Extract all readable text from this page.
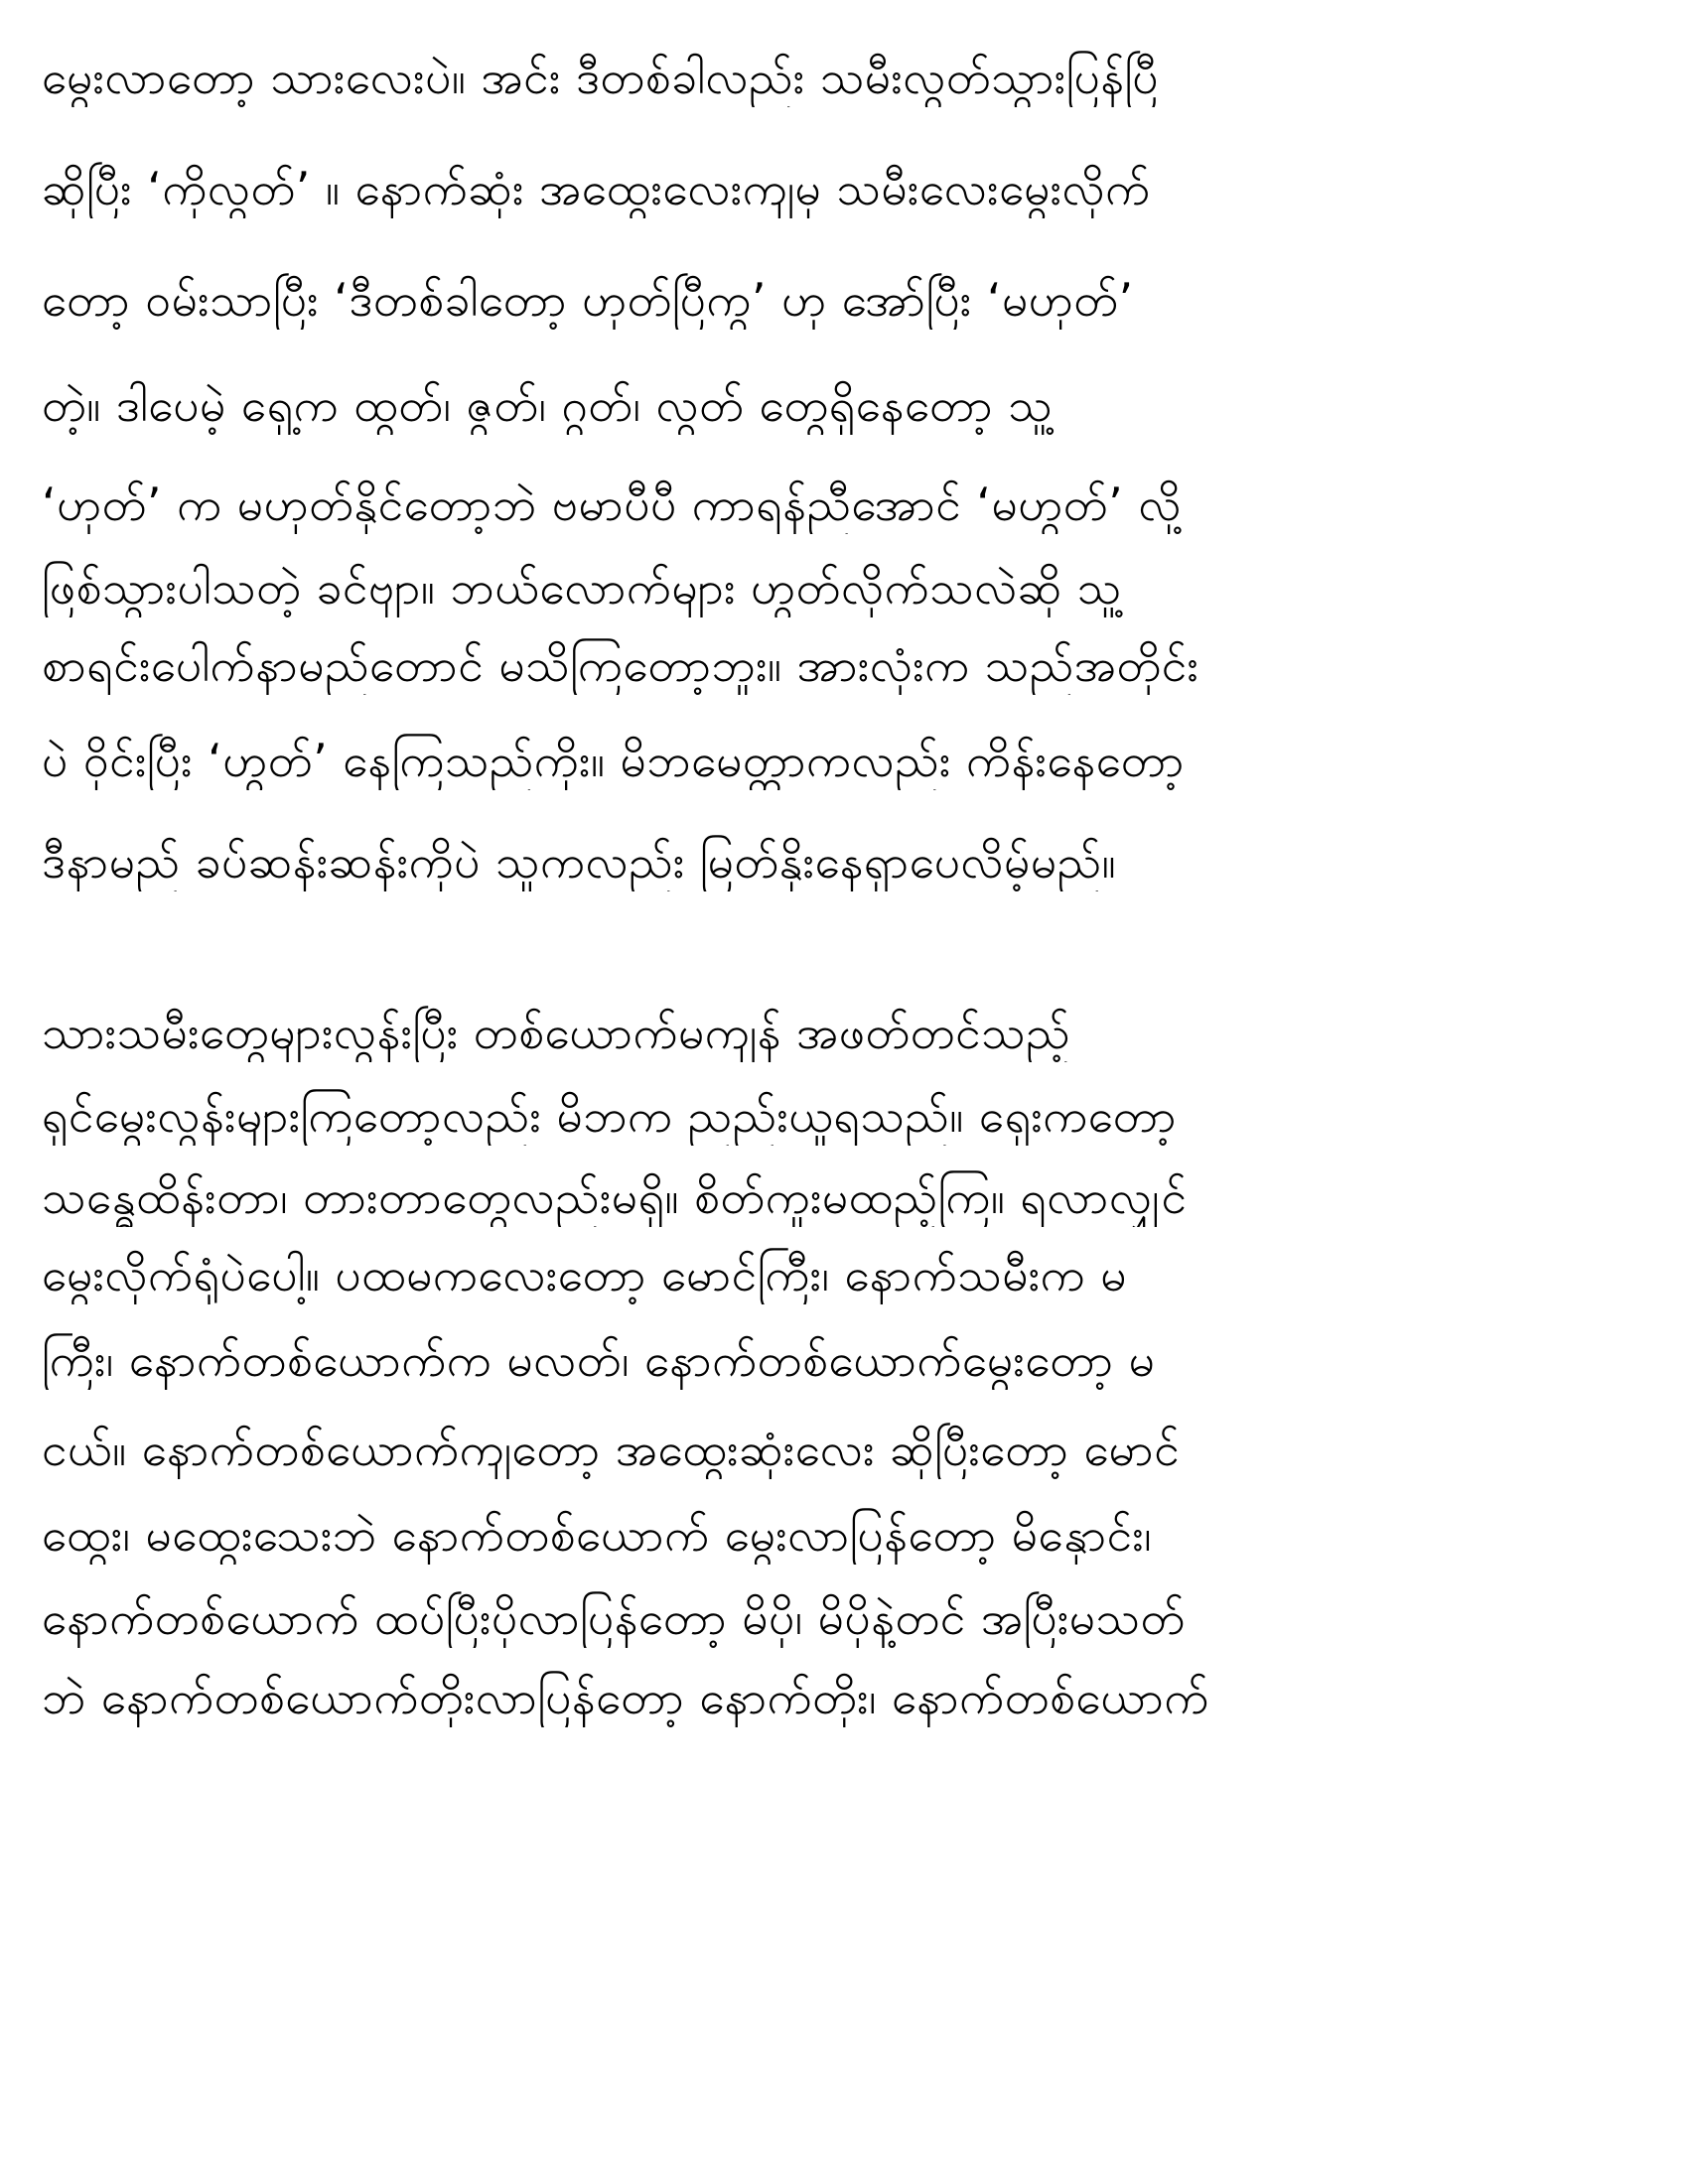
မွေးလာတော့ သားလေးပဲ။ အင်း ဒီတစ်ခါလည်း သမီးလွတ်သွားပြန်ပြီ
ဆိုပြီး ‘ကိုလွတ်’ ။ နောက်ဆုံး အထွေးလေးကျမှ သမီးလေးမွေးလိုက်
တော့ ဝမ်းသာပြီး ‘ဒီတစ်ခါတော့ ဟုတ်ပြီကွ’ ဟု အော်ပြီး ‘မဟုတ်’
တဲ့။ ဒါပေမဲ့ ရှေ့က ထွတ်၊ ဇွတ်၊ ဂွတ်၊ လွတ် တွေရှိနေတော့ သူ့
‘ဟုတ်’ က မဟုတ်နိုင်တော့ဘဲ ဗမာပီပီ ကာရန်ညီအောင် ‘မဟွတ်’ လို့
ဖြစ်သွားပါသတဲ့ ခင်ဗျာ။ ဘယ်လောက်များ ဟွတ်လိုက်သလဲဆို သူ့
စာရင်းပေါက်နာမည်တောင် မသိကြတော့ဘူး။ အားလုံးက သည်အတိုင်း
ပဲ ဝိုင်းပြီး ‘ဟွတ်’ နေကြသည်ကိုး။ မိဘမေတ္တာကလည်း ကိန်းနေတော့
ဒီနာမည် ခပ်ဆန်းဆန်းကိုပဲ သူကလည်း မြတ်နိုးနေရှာပေလိမ့်မည်။
သားသမီးတွေများလွန်းပြီး တစ်ယောက်မကျန် အဖတ်တင်သည့်
ရှင်မွေးလွန်းများကြတော့လည်း မိဘက ညည်းယူရသည်။ ရှေးကတော့
သန္ဓေထိန်းတာ၊ တားတာတွေလည်းမရှိ။ စိတ်ကူးမထည့်ကြ။ ရလာလျှင်
မွေးလိုက်ရုံပဲပေါ့။ ပထမကလေးတော့ မောင်ကြီး၊ နောက်သမီးက မ
ကြီး၊ နောက်တစ်ယောက်က မလတ်၊ နောက်တစ်ယောက်မွေးတော့ မ
ငယ်။ နောက်တစ်ယောက်ကျတော့ အထွေးဆုံးလေး ဆိုပြီးတော့ မောင်
ထွေး၊ မထွေးသေးဘဲ နောက်တစ်ယောက် မွေးလာပြန်တော့ မိနှောင်း၊
နောက်တစ်ယောက် ထပ်ပြီးပိုလာပြန်တော့ မိပို၊ မိပိုနဲ့တင် အပြီးမသတ်
ဘဲ နောက်တစ်ယောက်တိုးလာပြန်တော့ နောက်တိုး၊ နောက်တစ်ယောက်
